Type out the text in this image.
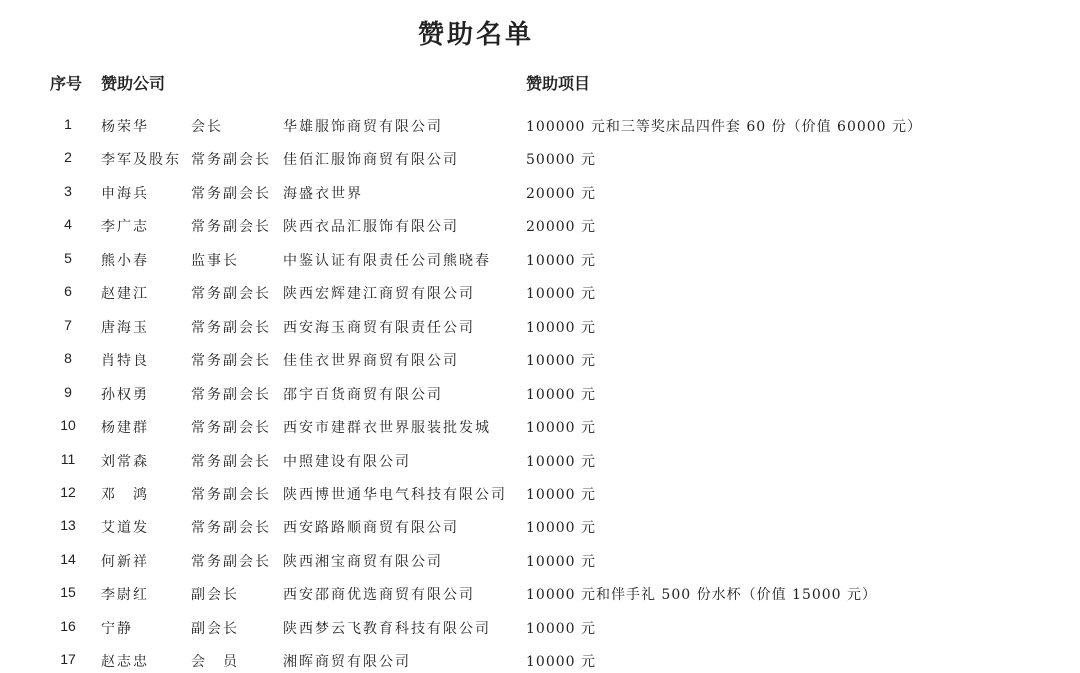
赞助名单
序号 赞助公司	赞助项目
1	杨荣华	会长	华雄服饰商贸有限公司	100000 元和三等奖床品四件套 60 份（价值 60000 元）
2	李军及股东 常务副会长 佳佰汇服饰商贸有限公司	50000 元
3	申海兵	常务副会长 海盛衣世界	20000 元
4	李广志	常务副会长 陕西衣品汇服饰有限公司	20000 元
5	熊小春	监事长	中鉴认证有限责任公司熊晓春	10000 元
6	赵建江	常务副会长 陕西宏辉建江商贸有限公司	10000 元
7	唐海玉	常务副会长 西安海玉商贸有限责任公司	10000 元
8	肖特良	常务副会长 佳佳衣世界商贸有限公司	10000 元
9	孙权勇	常务副会长 邵宇百货商贸有限公司	10000 元
10	杨建群	常务副会长 西安市建群衣世界服装批发城	10000 元
11	刘常森	常务副会长 中照建设有限公司	10000 元
12	邓　鸿	常务副会长 陕西博世通华电气科技有限公司 10000 元
13	艾道发	常务副会长 西安路路顺商贸有限公司	10000 元
14	何新祥	常务副会长 陕西湘宝商贸有限公司	10000 元
15	李尉红	副会长	西安邵商优选商贸有限公司	10000 元和伴手礼 500 份水杯（价值 15000 元）
16	宁静	副会长	陕西梦云飞教育科技有限公司	10000 元
17	赵志忠	会　员	湘晖商贸有限公司	10000 元
